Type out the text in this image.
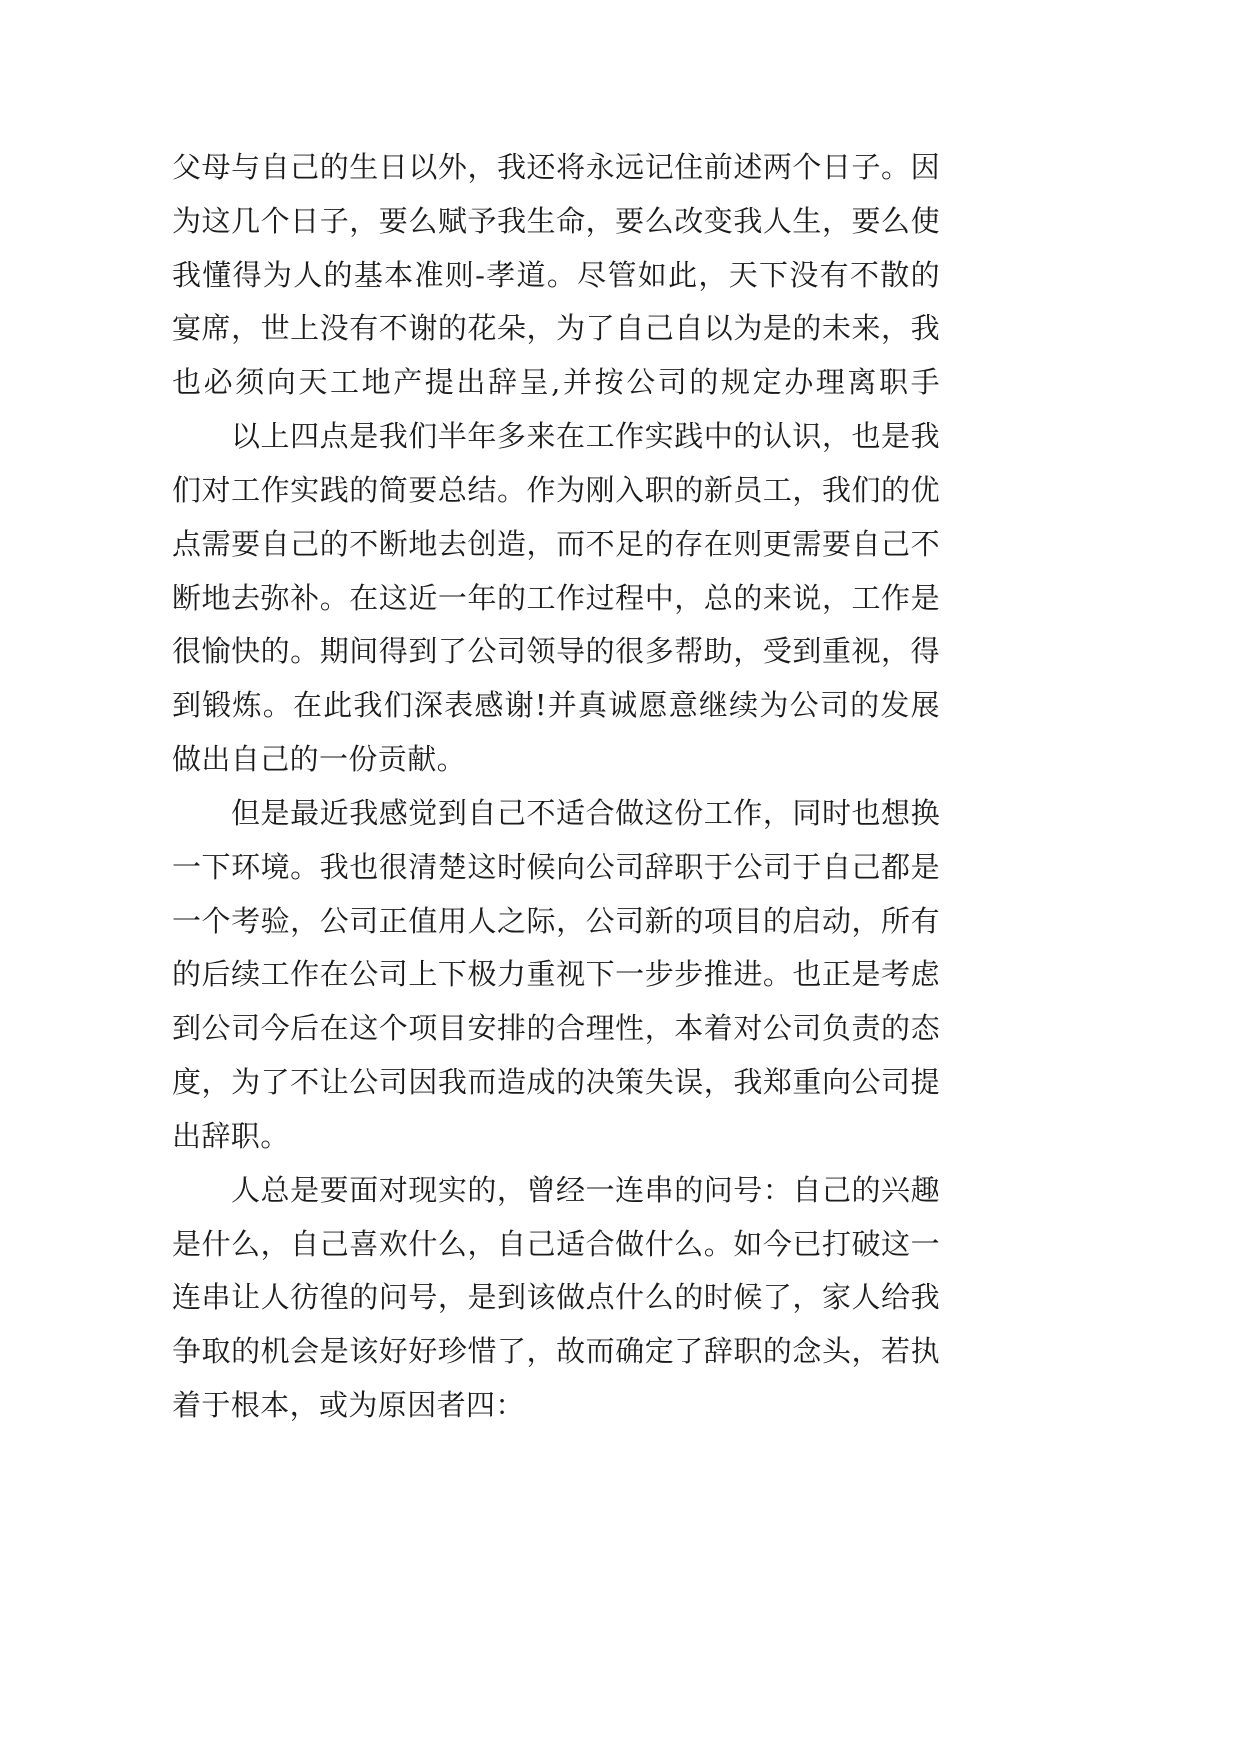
父母与自己的生日以外，我还将永远记住前述两个日子。因
为这几个日子，要么赋予我生命，要么改变我人生，要么使
我懂得为人的基本准则-孝道。尽管如此，天下没有不散的
宴席，世上没有不谢的花朵，为了自己自以为是的未来，我
也必须向天工地产提出辞呈,并按公司的规定办理离职手
以上四点是我们半年多来在工作实践中的认识，也是我
们对工作实践的简要总结。作为刚入职的新员工，我们的优
点需要自己的不断地去创造，而不足的存在则更需要自己不
断地去弥补。在这近一年的工作过程中，总的来说，工作是
很愉快的。期间得到了公司领导的很多帮助，受到重视，得
到锻炼。在此我们深表感谢!并真诚愿意继续为公司的发展
做出自己的一份贡献。
但是最近我感觉到自己不适合做这份工作，同时也想换
一下环境。我也很清楚这时候向公司辞职于公司于自己都是
一个考验，公司正值用人之际，公司新的项目的启动，所有
的后续工作在公司上下极力重视下一步步推进。也正是考虑
到公司今后在这个项目安排的合理性，本着对公司负责的态
度，为了不让公司因我而造成的决策失误，我郑重向公司提
出辞职。
人总是要面对现实的，曾经一连串的问号：自己的兴趣
是什么，自己喜欢什么，自己适合做什么。如今已打破这一
连串让人彷徨的问号，是到该做点什么的时候了，家人给我
争取的机会是该好好珍惜了，故而确定了辞职的念头，若执
着于根本，或为原因者四：
